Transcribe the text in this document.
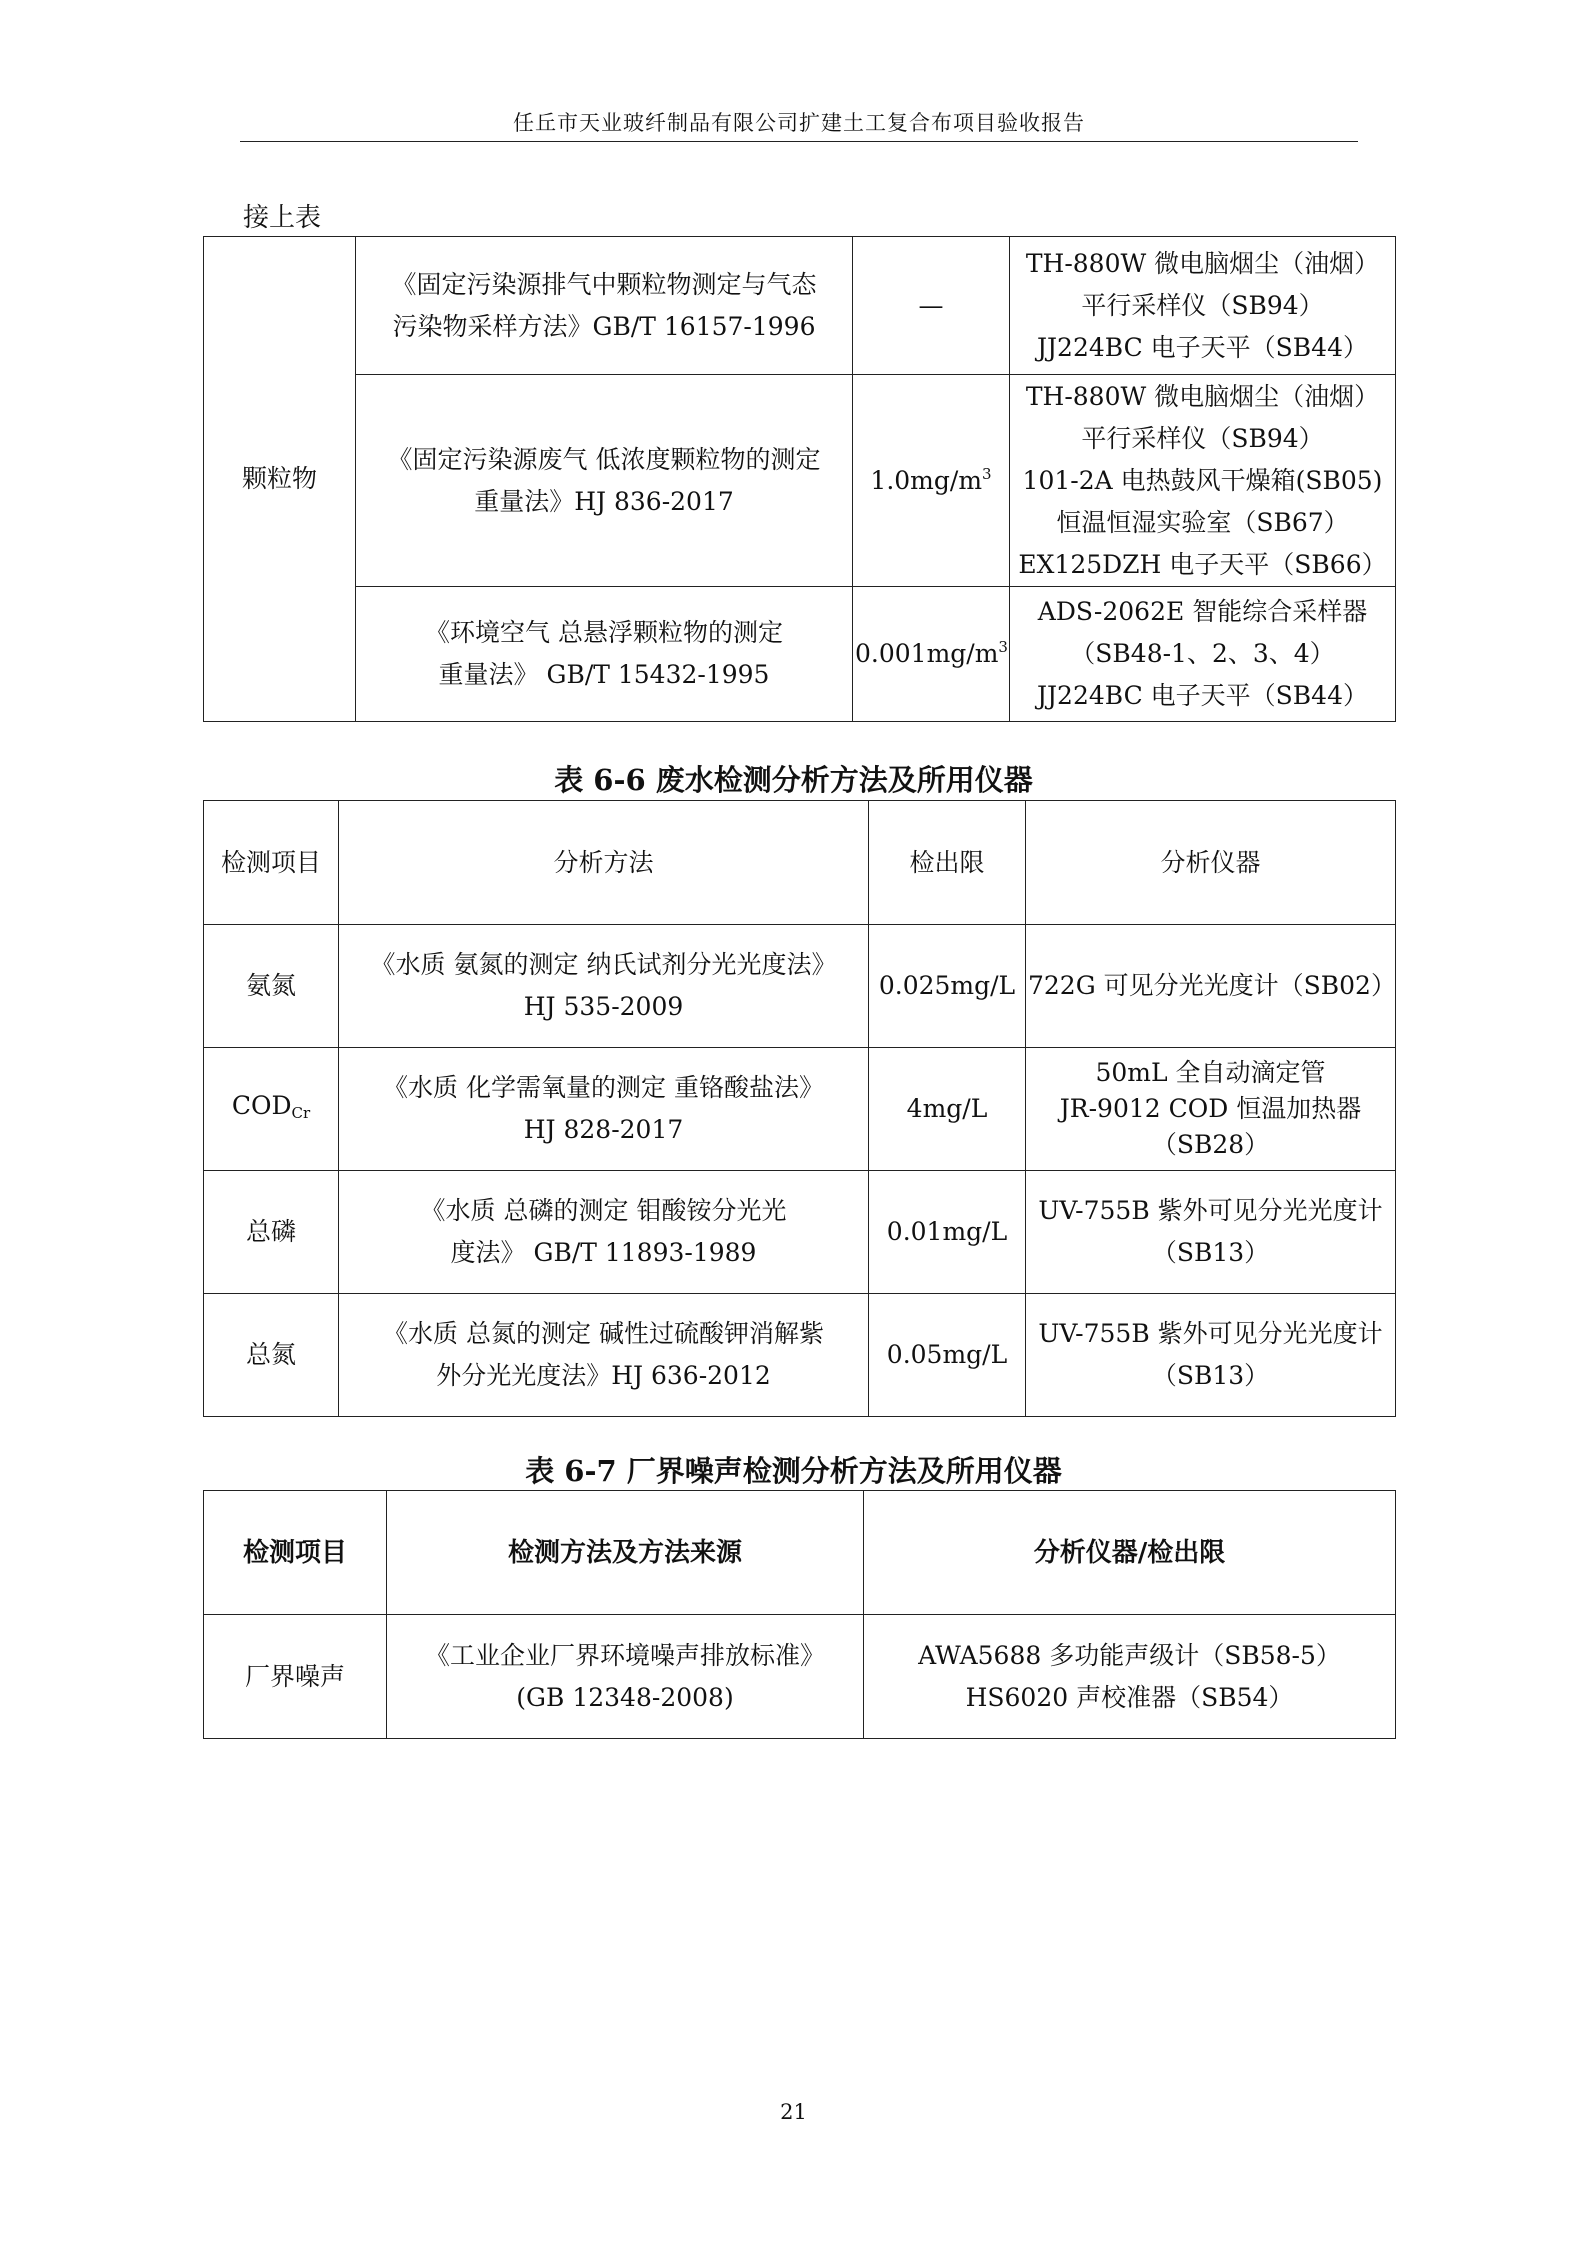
任丘市天业玻纤制品有限公司扩建土工复合布项目验收报告
接上表
颗粒物	《固定污染源排气中颗粒物测定与气态
污染物采样方法》GB/T 16157-1996	—	TH-880W 微电脑烟尘（油烟）
平行采样仪（SB94）
JJ224BC 电子天平（SB44）

	《固定污染源废气 低浓度颗粒物的测定
重量法》HJ 836-2017	$1.0mg/m^3$	TH-880W 微电脑烟尘（油烟）
平行采样仪（SB94）
101-2A 电热鼓风干燥箱(SB05)
恒温恒湿实验室（SB67）
EX125DZH 电子天平（SB66）

	《环境空气 总悬浮颗粒物的测定
重量法》 GB/T 15432-1995	$0.001mg/m^3$	ADS-2062E 智能综合采样器
（SB48-1、2、3、4）
JJ224BC 电子天平（SB44）
表 6-6 废水检测分析方法及所用仪器
检测项目	分析方法	检出限	分析仪器
氨氮	《水质 氨氮的测定 纳氏试剂分光光度法》
HJ 535-2009	0.025mg/L	722G 可见分光光度计（SB02）

$COD_{Cr}$	《水质 化学需氧量的测定 重铬酸盐法》
HJ 828-2017	4mg/L	50mL 全自动滴定管
JR-9012 COD 恒温加热器
（SB28）

总磷	《水质 总磷的测定 钼酸铵分光光
度法》 GB/T 11893-1989	0.01mg/L	UV-755B 紫外可见分光光度计
（SB13）

总氮	《水质 总氮的测定 碱性过硫酸钾消解紫
外分光光度法》HJ 636-2012	0.05mg/L	UV-755B 紫外可见分光光度计
（SB13）
表 6-7 厂界噪声检测分析方法及所用仪器
检测项目	检测方法及方法来源	分析仪器/检出限
厂界噪声	《工业企业厂界环境噪声排放标准》
(GB 12348-2008)	AWA5688 多功能声级计（SB58-5）
HS6020 声校准器（SB54）
21
